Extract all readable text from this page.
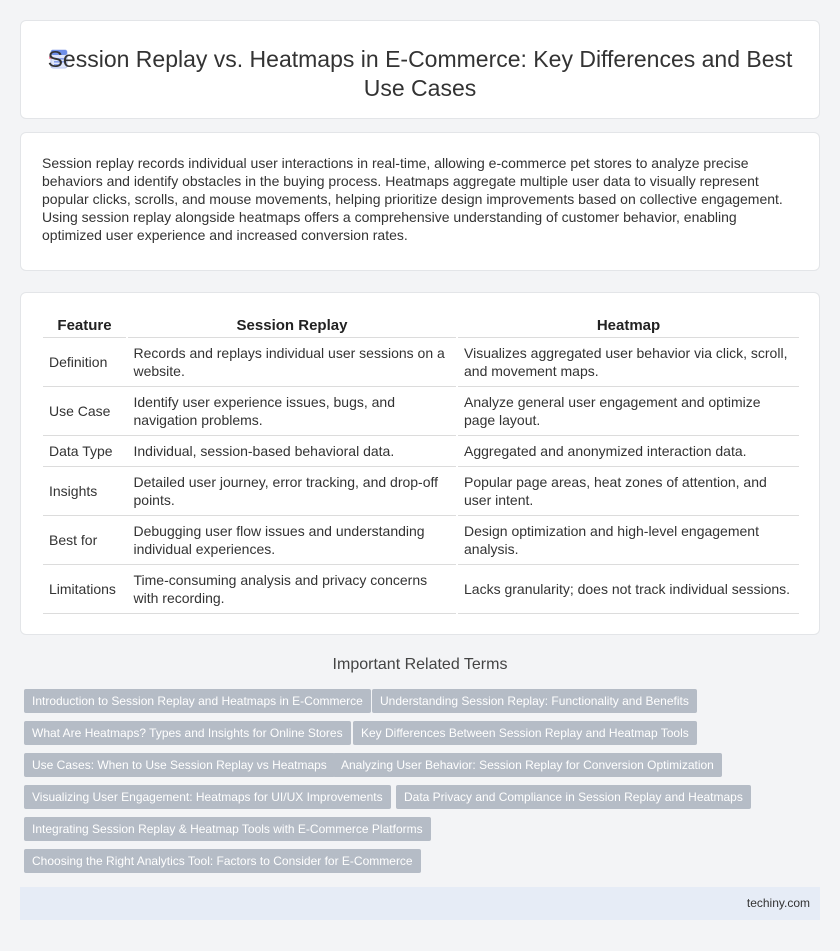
Session Replay vs. Heatmaps in E-Commerce: Key Differences and Best Use Cases

Session replay records individual user interactions in real-time, allowing e-commerce pet stores to analyze precise behaviors and identify obstacles in the buying process. Heatmaps aggregate multiple user data to visually represent popular clicks, scrolls, and mouse movements, helping prioritize design improvements based on collective engagement. Using session replay alongside heatmaps offers a comprehensive understanding of customer behavior, enabling optimized user experience and increased conversion rates.

Feature	Session Replay	Heatmap
Definition	Records and replays individual user sessions on a website.	Visualizes aggregated user behavior via click, scroll, and movement maps.
Use Case	Identify user experience issues, bugs, and navigation problems.	Analyze general user engagement and optimize page layout.
Data Type	Individual, session-based behavioral data.	Aggregated and anonymized interaction data.
Insights	Detailed user journey, error tracking, and drop-off points.	Popular page areas, heat zones of attention, and user intent.
Best for	Debugging user flow issues and understanding individual experiences.	Design optimization and high-level engagement analysis.
Limitations	Time-consuming analysis and privacy concerns with recording.	Lacks granularity; does not track individual sessions.
Important Related Terms
Introduction to Session Replay and Heatmaps in E-Commerce	Understanding Session Replay: Functionality and Benefits
What Are Heatmaps? Types and Insights for Online Stores	Key Differences Between Session Replay and Heatmap Tools
Use Cases: When to Use Session Replay vs Heatmaps	Analyzing User Behavior: Session Replay for Conversion Optimization
Visualizing User Engagement: Heatmaps for UI/UX Improvements	Data Privacy and Compliance in Session Replay and Heatmaps
Integrating Session Replay & Heatmap Tools with E-Commerce Platforms
Choosing the Right Analytics Tool: Factors to Consider for E-Commerce
techiny.com
